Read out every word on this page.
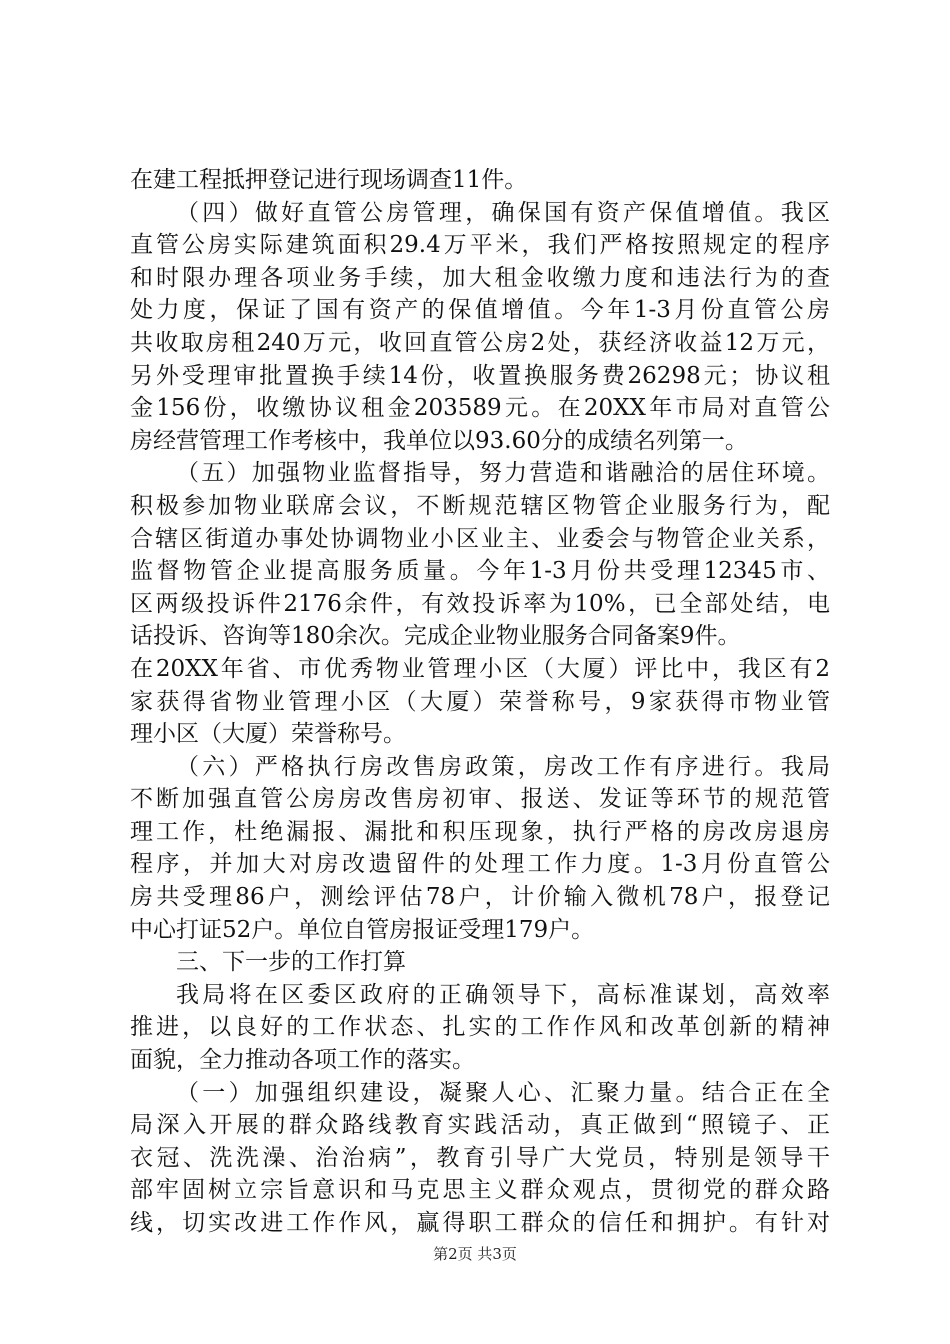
在建工程抵押登记进行现场调查11件。
（四）做好直管公房管理，确保国有资产保值增值。我区
直管公房实际建筑面积29.4万平米，我们严格按照规定的程序
和时限办理各项业务手续，加大租金收缴力度和违法行为的查
处力度，保证了国有资产的保值增值。今年1-3月份直管公房
共收取房租240万元，收回直管公房2处，获经济收益12万元，
另外受理审批置换手续14份，收置换服务费26298元；协议租
金156份，收缴协议租金203589元。在20XX年市局对直管公
房经营管理工作考核中，我单位以93.60分的成绩名列第一。
（五）加强物业监督指导，努力营造和谐融洽的居住环境。
积极参加物业联席会议，不断规范辖区物管企业服务行为，配
合辖区街道办事处协调物业小区业主、业委会与物管企业关系，
监督物管企业提高服务质量。今年1-3月份共受理12345市、
区两级投诉件2176余件，有效投诉率为10%，已全部处结，电
话投诉、咨询等180余次。完成企业物业服务合同备案9件。
在20XX年省、市优秀物业管理小区（大厦）评比中，我区有2
家获得省物业管理小区（大厦）荣誉称号，9家获得市物业管
理小区（大厦）荣誉称号。
（六）严格执行房改售房政策，房改工作有序进行。我局
不断加强直管公房房改售房初审、报送、发证等环节的规范管
理工作，杜绝漏报、漏批和积压现象，执行严格的房改房退房
程序，并加大对房改遗留件的处理工作力度。1-3月份直管公
房共受理86户，测绘评估78户，计价输入微机78户，报登记
中心打证52户。单位自管房报证受理179户。
三、下一步的工作打算
我局将在区委区政府的正确领导下，高标准谋划，高效率
推进，以良好的工作状态、扎实的工作作风和改革创新的精神
面貌，全力推动各项工作的落实。
（一）加强组织建设，凝聚人心、汇聚力量。结合正在全
局深入开展的群众路线教育实践活动，真正做到“照镜子、正
衣冠、洗洗澡、治治病”，教育引导广大党员，特别是领导干
部牢固树立宗旨意识和马克思主义群众观点，贯彻党的群众路
线，切实改进工作作风，赢得职工群众的信任和拥护。有针对
第2页 共3页
